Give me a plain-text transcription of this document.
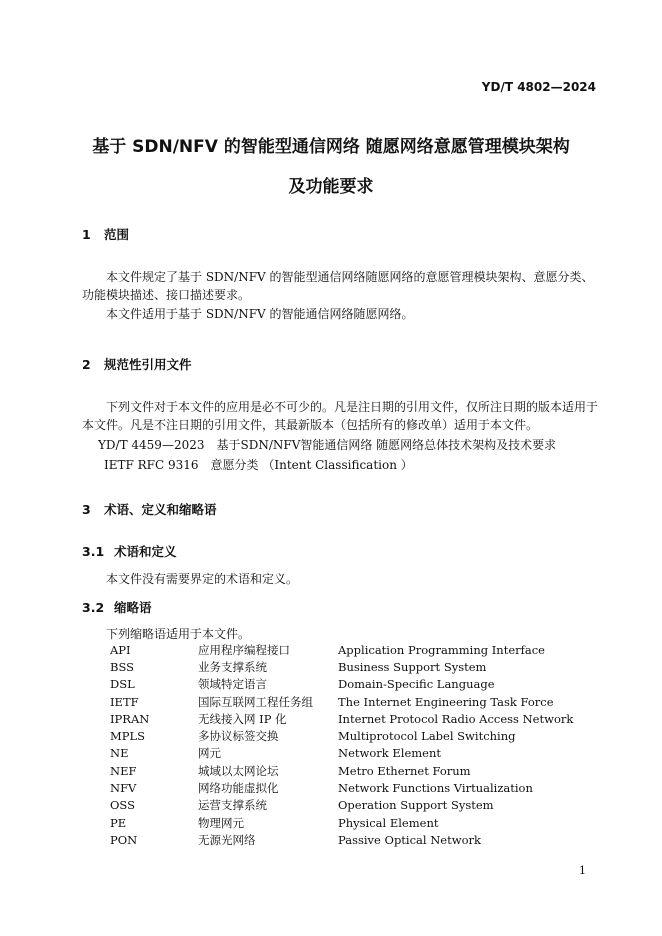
YD/T 4802—2024
基于 SDN/NFV 的智能型通信网络 随愿网络意愿管理模块架构
及功能要求
1 范围
本文件规定了基于 SDN/NFV 的智能型通信网络随愿网络的意愿管理模块架构、意愿分类、功能模块描述、接口描述要求。
本文件适用于基于 SDN/NFV 的智能通信网络随愿网络。
2 规范性引用文件
下列文件对于本文件的应用是必不可少的。凡是注日期的引用文件，仅所注日期的版本适用于本文件。凡是不注日期的引用文件，其最新版本（包括所有的修改单）适用于本文件。
YD/T 4459—2023　基于SDN/NFV智能通信网络 随愿网络总体技术架构及技术要求
IETF RFC 9316　意愿分类 （Intent Classification ）
3 术语、定义和缩略语
3.1 术语和定义
本文件没有需要界定的术语和定义。
3.2 缩略语
下列缩略语适用于本文件。
API	应用程序编程接口	Application Programming Interface
BSS	业务支撑系统	Business Support System
DSL	领域特定语言	Domain-Specific Language
IETF	国际互联网工程任务组	The Internet Engineering Task Force
IPRAN	无线接入网 IP 化	Internet Protocol Radio Access Network
MPLS	多协议标签交换	Multiprotocol Label Switching
NE	网元	Network Element
NEF	城域以太网论坛	Metro Ethernet Forum
NFV	网络功能虚拟化	Network Functions Virtualization
OSS	运营支撑系统	Operation Support System
PE	物理网元	Physical Element
PON	无源光网络	Passive Optical Network
1
